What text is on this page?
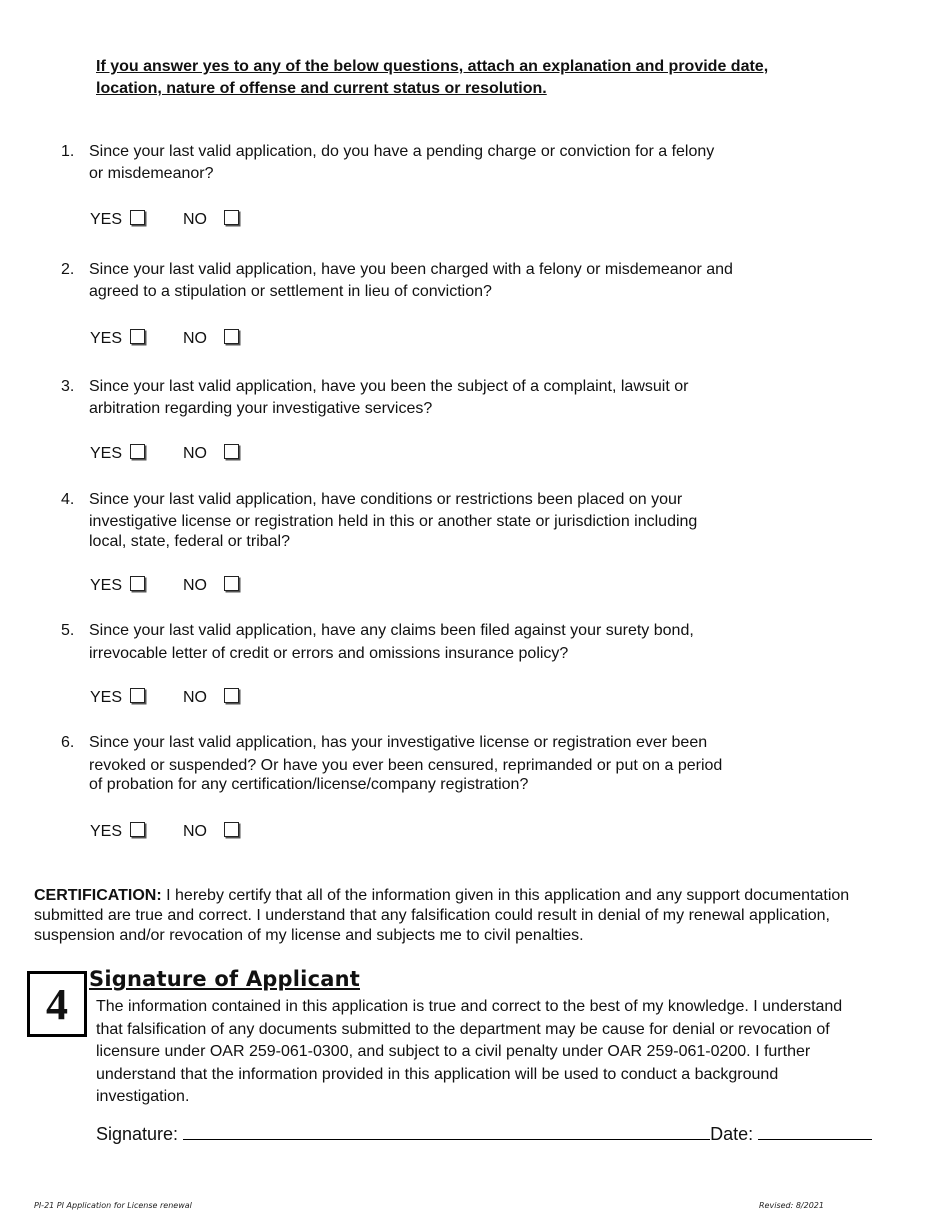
If you answer yes to any of the below questions, attach an explanation and provide date,
location, nature of offense and current status or resolution.
1. Since your last valid application, do you have a pending charge or conviction for a felony
or misdemeanor?
YES	NO
2. Since your last valid application, have you been charged with a felony or misdemeanor and
agreed to a stipulation or settlement in lieu of conviction?
YES	NO
3. Since your last valid application, have you been the subject of a complaint, lawsuit or
arbitration regarding your investigative services?
YES	NO
4. Since your last valid application, have conditions or restrictions been placed on your
investigative license or registration held in this or another state or jurisdiction including
local, state, federal or tribal?
YES	NO
5. Since your last valid application, have any claims been filed against your surety bond,
irrevocable letter of credit or errors and omissions insurance policy?
YES	NO
6. Since your last valid application, has your investigative license or registration ever been
revoked or suspended? Or have you ever been censured, reprimanded or put on a period
of probation for any certification/license/company registration?
YES	NO
CERTIFICATION: I hereby certify that all of the information given in this application and any support documentation
submitted are true and correct. I understand that any falsification could result in denial of my renewal application,
suspension and/or revocation of my license and subjects me to civil penalties.
4
Signature of Applicant
The information contained in this application is true and correct to the best of my knowledge. I understand
that falsification of any documents submitted to the department may be cause for denial or revocation of
licensure under OAR 259-061-0300, and subject to a civil penalty under OAR 259-061-0200. I further
understand that the information provided in this application will be used to conduct a background
investigation.
Signature:	Date:
PI-21 PI Application for License renewal	Revised: 8/2021
